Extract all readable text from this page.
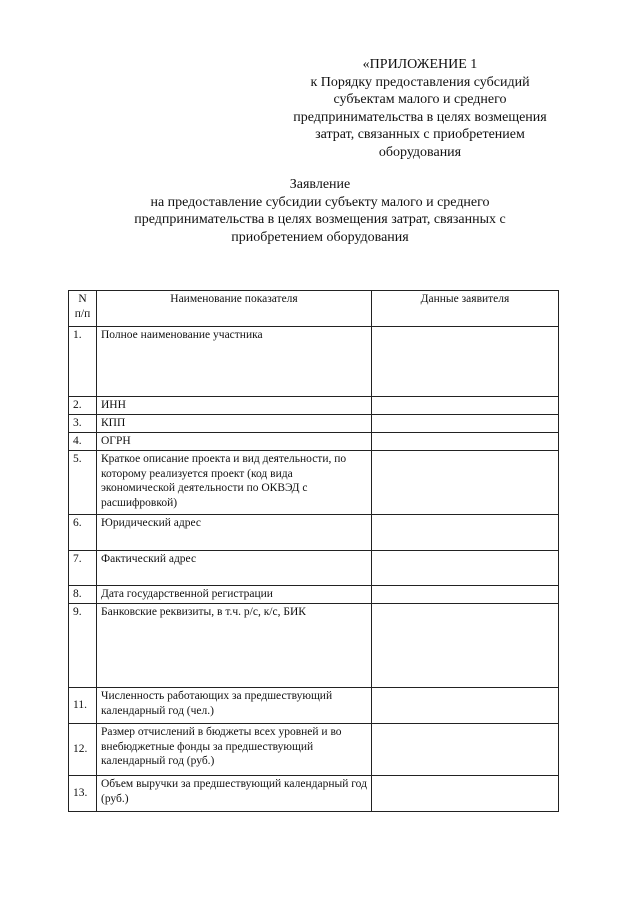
«ПРИЛОЖЕНИЕ 1
к Порядку предоставления субсидий
субъектам малого и среднего
предпринимательства в целях возмещения
затрат, связанных с приобретением
оборудования
Заявление
на предоставление субсидии субъекту малого и среднего
предпринимательства в целях возмещения затрат, связанных с
приобретением оборудования
N п/п	Наименование показателя	Данные заявителя
1.	Полное наименование участника	
2.	ИНН	
3.	КПП	
4.	ОГРН	
5.	Краткое описание проекта и вид деятельности, по которому реализуется проект (код вида экономической деятельности по ОКВЭД с расшифровкой)	
6.	Юридический адрес	
7.	Фактический адрес	
8.	Дата государственной регистрации	
9.	Банковские реквизиты, в т.ч. р/с, к/с, БИК	
11.	Численность работающих за предшествующий календарный год (чел.)	
12.	Размер отчислений в бюджеты всех уровней и во внебюджетные фонды за предшествующий календарный год (руб.)	
13.	Объем выручки за предшествующий календарный год (руб.)	
